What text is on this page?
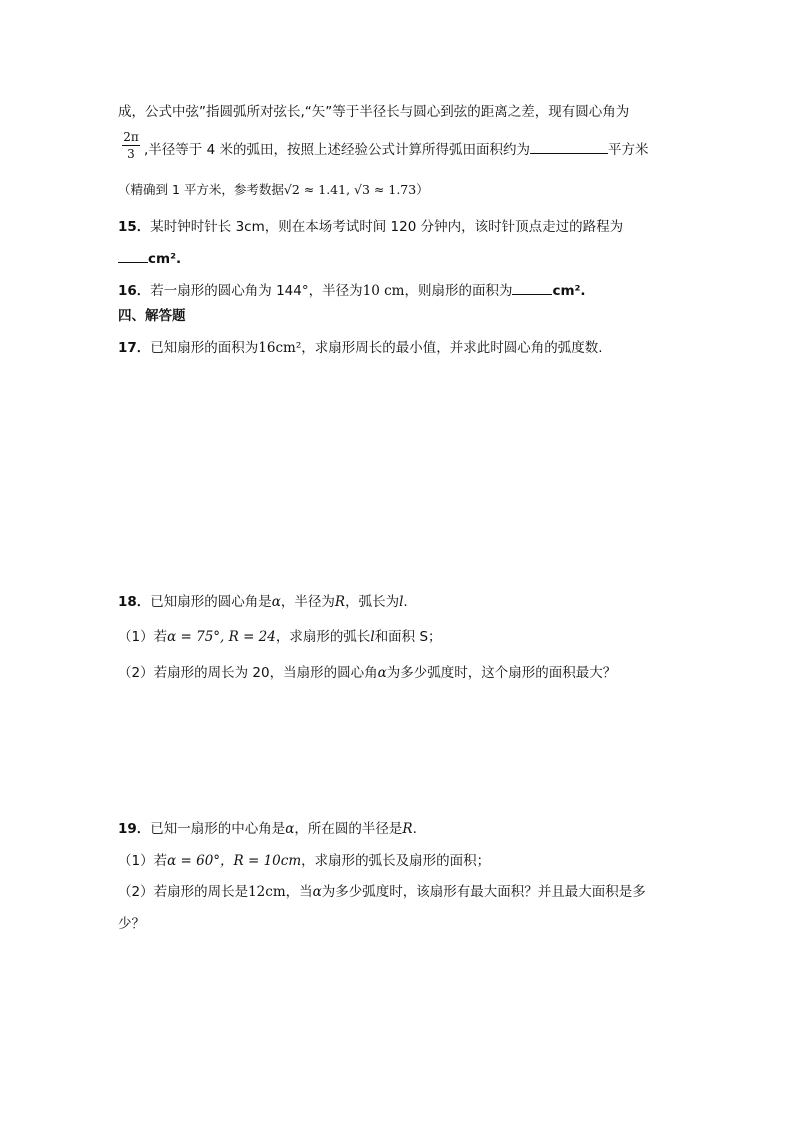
成，公式中弦”指圆弧所对弦长,“矢”等于半径长与圆心到弦的距离之差，现有圆心角为
$\frac{2\pi}{3}$ ,半径等于 4 米的弧田，按照上述经验公式计算所得弧田面积约为	平方米
（精确到 1 平方米，参考数据√2 ≈ 1.41, √3 ≈ 1.73）
15．某时钟时针长 3cm，则在本场考试时间 120 分钟内，该时针顶点走过的路程为
cm².
16．若一扇形的圆心角为 144°，半径为10 cm，则扇形的面积为	cm².
四、解答题
17．已知扇形的面积为16cm²，求扇形周长的最小值，并求此时圆心角的弧度数.
18．已知扇形的圆心角是α，半径为R，弧长为l.
（1）若α = 75°, R = 24，求扇形的弧长l和面积 S；
（2）若扇形的周长为 20，当扇形的圆心角α为多少弧度时，这个扇形的面积最大？
19．已知一扇形的中心角是α，所在圆的半径是R.
（1）若α = 60°，R = 10cm，求扇形的弧长及扇形的面积；
（2）若扇形的周长是12cm，当α为多少弧度时，该扇形有最大面积？并且最大面积是多
少？
